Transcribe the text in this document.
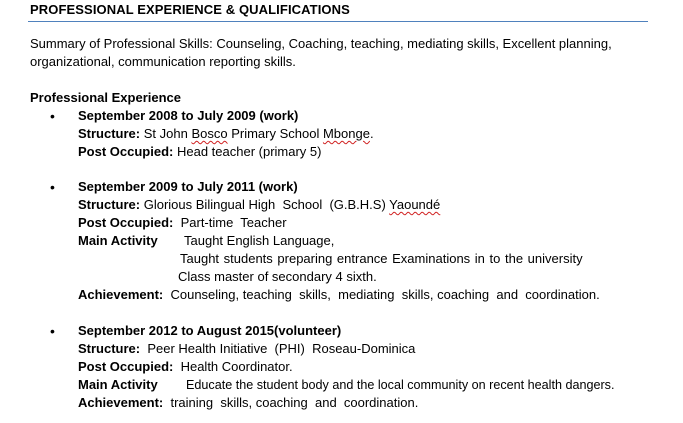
PROFESSIONAL EXPERIENCE & QUALIFICATIONS
Summary of Professional Skills: Counseling, Coaching, teaching, mediating skills, Excellent planning,
organizational, communication reporting skills.
Professional Experience
• September 2008 to July 2009 (work)
Structure: St John Bosco Primary School Mbonge.
Post Occupied: Head teacher (primary 5)
• September 2009 to July 2011 (work)
Structure: Glorious Bilingual High  School  (G.B.H.S) Yaoundé
Post Occupied:  Part-time  Teacher
Main Activity Taught English Language,
Taught students preparing entrance Examinations in to the university
Class master of secondary 4 sixth.
Achievement:  Counseling, teaching  skills,  mediating  skills, coaching  and  coordination.
• September 2012 to August 2015(volunteer)
Structure:  Peer Health Initiative  (PHI)  Roseau-Dominica
Post Occupied:  Health Coordinator.
Main Activity Educate the student body and the local community on recent health dangers.
Achievement:  training  skills, coaching  and  coordination.
